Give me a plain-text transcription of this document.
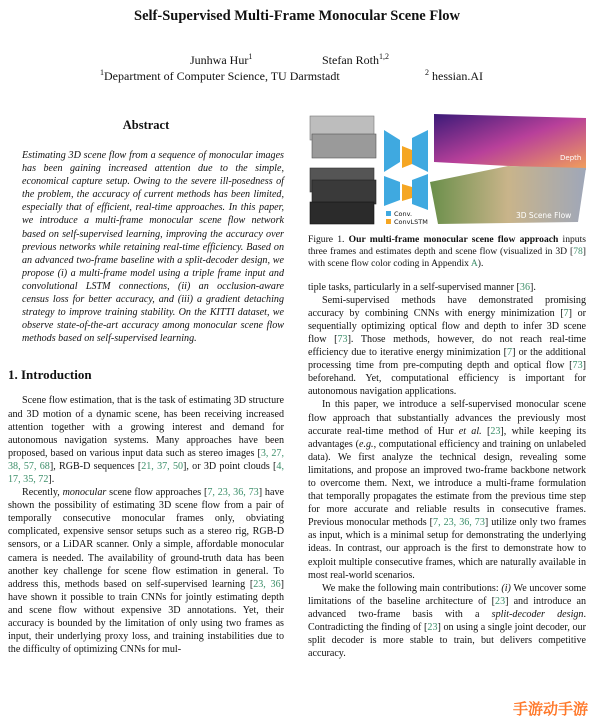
Self-Supervised Multi-Frame Monocular Scene Flow
Junhwa Hur$^1$	Stefan Roth$^{1,2}$
$^1$Department of Computer Science, TU Darmstadt	$^2$ hessian.AI
Abstract

Estimating 3D scene flow from a sequence of monocular images has been gaining increased attention due to the simple, economical capture setup. Owing to the severe ill-posedness of the problem, the accuracy of current methods has been limited, especially that of efficient, real-time approaches. In this paper, we introduce a multi-frame monocular scene flow network based on self-supervised learning, improving the accuracy over previous networks while retaining real-time efficiency. Based on an advanced two-frame baseline with a split-decoder design, we propose (i) a multi-frame model using a triple frame input and convolutional LSTM connections, (ii) an occlusion-aware census loss for better accuracy, and (iii) a gradient detaching strategy to improve training stability. On the KITTI dataset, we observe state-of-the-art accuracy among monocular scene flow methods based on self-supervised learning.

1. Introduction

Scene flow estimation, that is the task of estimating 3D structure and 3D motion of a dynamic scene, has been receiving increased attention together with a growing interest and demand for autonomous navigation systems. Many approaches have been proposed, based on various input data such as stereo images [3, 27, 38, 57, 68], RGB-D sequences [21, 37, 50], or 3D point clouds [4, 17, 35, 72].

Recently, monocular scene flow approaches [7, 23, 36, 73] have shown the possibility of estimating 3D scene flow from a pair of temporally consecutive monocular frames only, obviating complicated, expensive sensor setups such as a stereo rig, RGB-D sensors, or a LiDAR scanner. Only a simple, affordable monocular camera is needed. The availability of ground-truth data has been another key challenge for scene flow estimation in general. To address this, methods based on self-supervised learning [23, 36] have shown it possible to train CNNs for jointly estimating depth and scene flow without expensive 3D annotations. Yet, their accuracy is bounded by the limitation of only using two frames as input, their underlying proxy loss, and training instabilities due to the difficulty of optimizing CNNs for mul-

Depth
3D Scene Flow
Conv.
ConvLSTM

Figure 1. Our multi-frame monocular scene flow approach inputs three frames and estimates depth and scene flow (visualized in 3D [78] with scene flow color coding in Appendix A).

tiple tasks, particularly in a self-supervised manner [36].

Semi-supervised methods have demonstrated promising accuracy by combining CNNs with energy minimization [7] or sequentially optimizing optical flow and depth to infer 3D scene flow [73]. Those methods, however, do not reach real-time efficiency due to iterative energy minimization [7] or the additional processing time from pre-computing depth and optical flow [73] beforehand. Yet, computational efficiency is important for autonomous navigation applications.

In this paper, we introduce a self-supervised monocular scene flow approach that substantially advances the previously most accurate real-time method of Hur et al. [23], while keeping its advantages (e.g., computational efficiency and training on unlabeled data). We first analyze the technical design, revealing some limitations, and propose an improved two-frame backbone network to overcome them. Next, we introduce a multi-frame formulation that temporally propagates the estimate from the previous time step for more accurate and reliable results in consecutive frames. Previous monocular methods [7, 23, 36, 73] utilize only two frames as input, which is a minimal setup for demonstrating the underlying ideas. In contrast, our approach is the first to demonstrate how to exploit multiple consecutive frames, which are naturally available in most real-world scenarios.

We make the following main contributions: (i) We uncover some limitations of the baseline architecture of [23] and introduce an advanced two-frame basis with a split-decoder design. Contradicting the finding of [23] on using a single joint decoder, our split decoder is more stable to train, but delivers competitive accuracy.

手游动手游
